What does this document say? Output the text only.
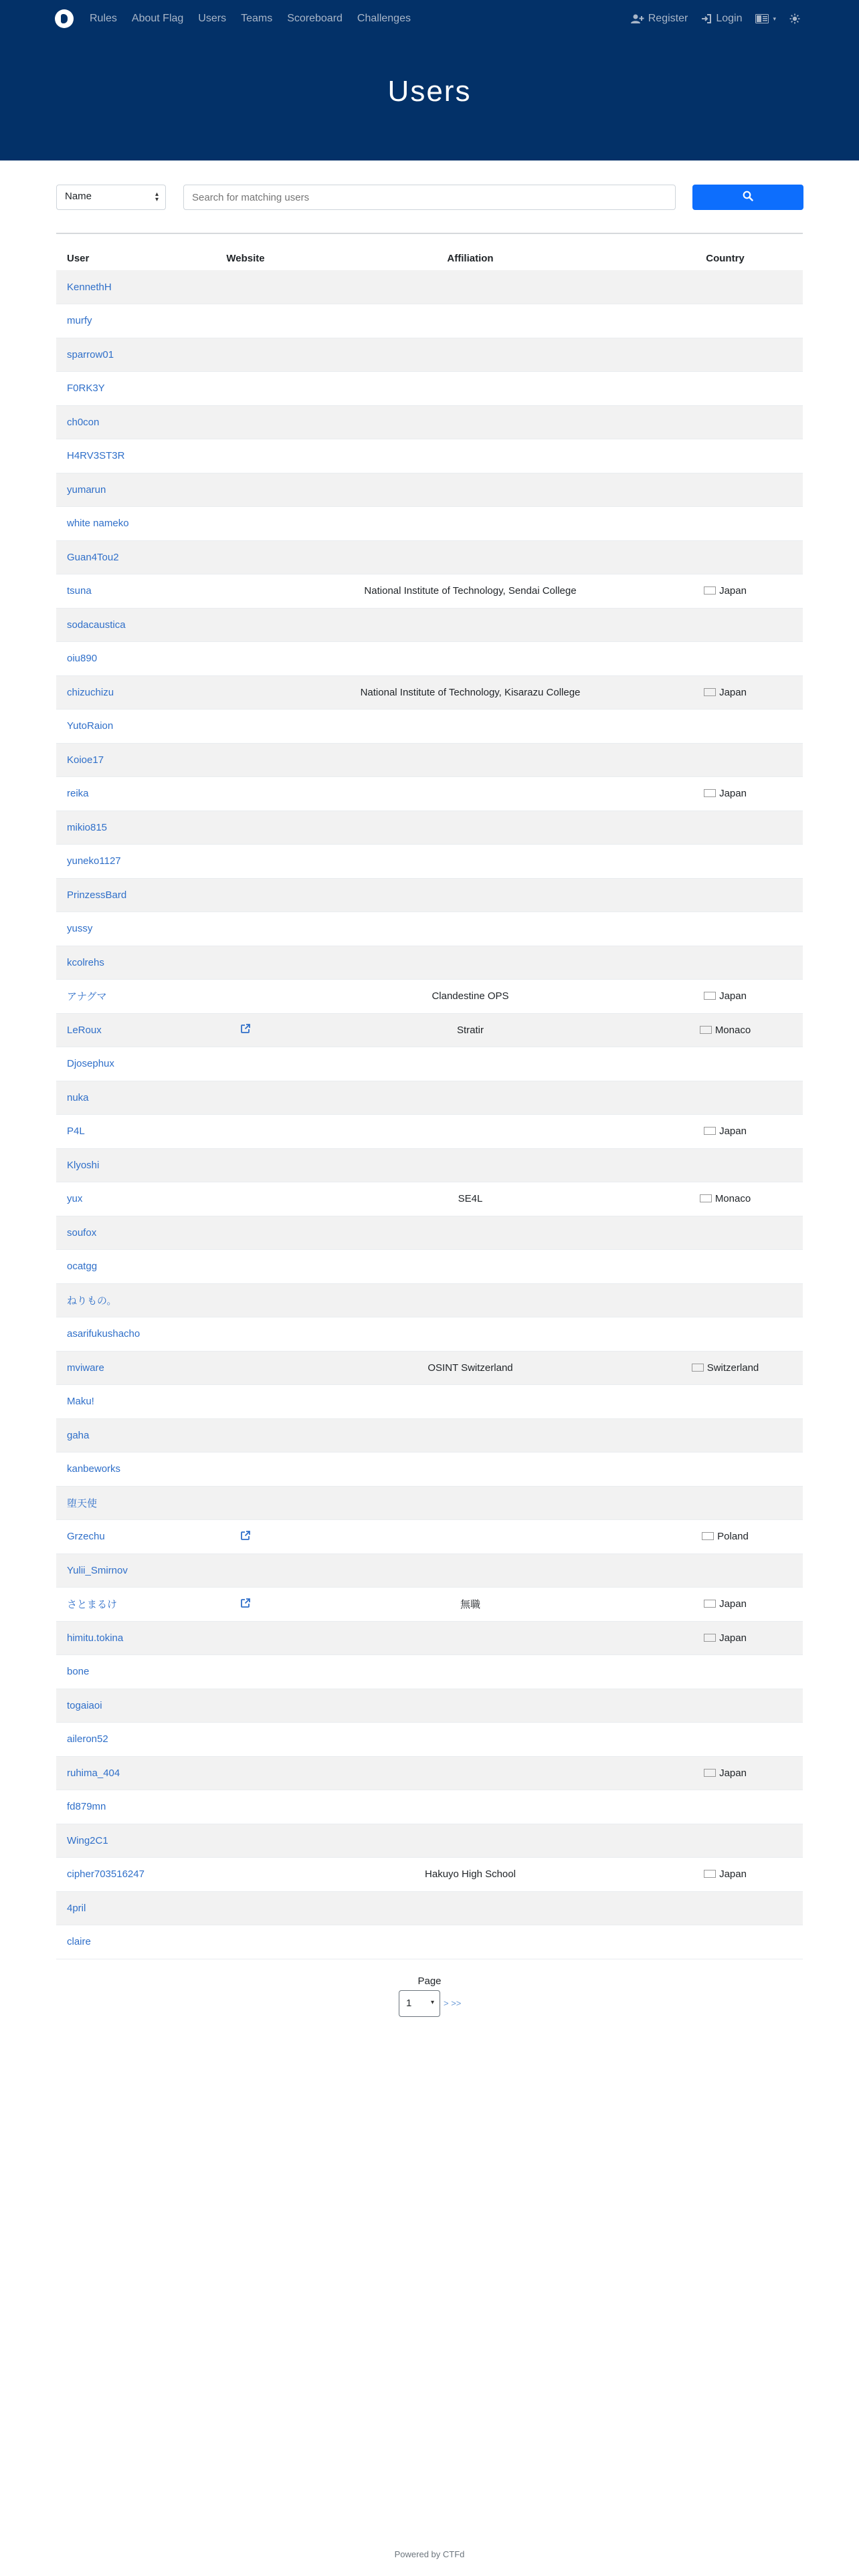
Rules About Flag Users Teams Scoreboard Challenges	Register	Login	▾
Users
Name	▴
▾
Search for matching users
User	Website	Affiliation	Country
KennethH			
murfy			
sparrow01			
F0RK3Y			
ch0con			
H4RV3ST3R			
yumarun			
white nameko			
Guan4Tou2			
tsuna		National Institute of Technology, Sendai College	Japan
sodacaustica			
oiu890			
chizuchizu		National Institute of Technology, Kisarazu College	Japan
YutoRaion			
Koioe17			
reika			Japan
mikio815			
yuneko1127			
PrinzessBard			
yussy			
kcolrehs			
アナグマ		Clandestine OPS	Japan
LeRoux		Stratir	Monaco
Djosephux			
nuka			
P4L			Japan
Klyoshi			
yux		SE4L	Monaco
soufox			
ocatgg			
ねりもの。			
asarifukushacho			
mviware		OSINT Switzerland	Switzerland
Maku!			
gaha			
kanbeworks			
堕天使			
Grzechu			Poland
Yulii_Smirnov			
さとまるけ		無職	Japan
himitu.tokina			Japan
bone			
togaiaoi			
aileron52			
ruhima_404			Japan
fd879mn			
Wing2C1			
cipher703516247		Hakuyo High School	Japan
4pril			
claire			
Page
1	▾ > >>
Powered by CTFd
